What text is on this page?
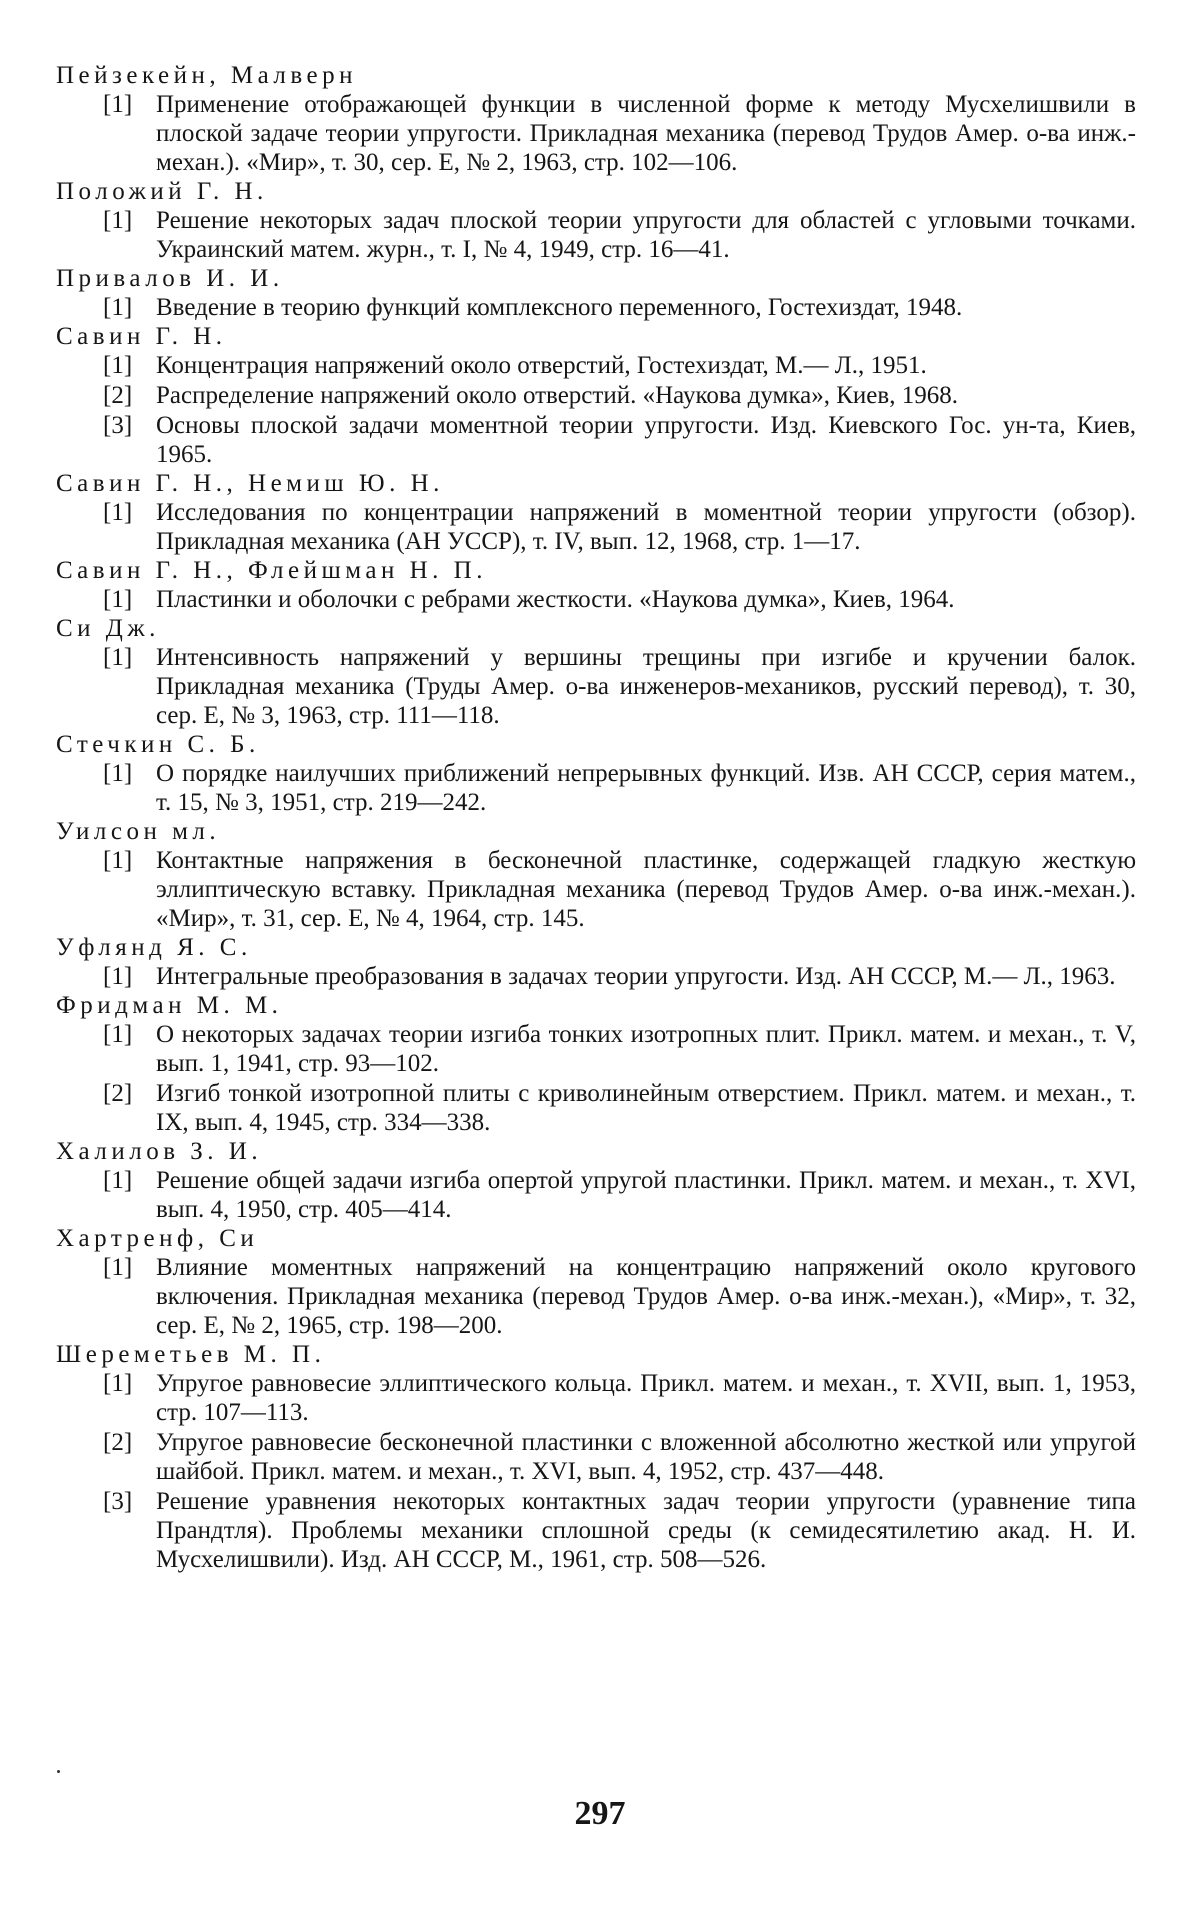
Пейзекейн, Малверн
[1] Применение отображающей функции в численной форме к методу Мусхелишвили в плоской задаче теории упругости. Прикладная механика (перевод Трудов Амер. о-ва инж.-механ.). «Мир», т. 30, сер. Е, № 2, 1963, стр. 102—106.
Положий Г. Н.
[1] Решение некоторых задач плоской теории упругости для областей с угловыми точками. Украинский матем. журн., т. I, № 4, 1949, стр. 16—41.
Привалов И. И.
[1] Введение в теорию функций комплексного переменного, Гостехиздат, 1948.
Савин Г. Н.
[1] Концентрация напряжений около отверстий, Гостехиздат, М.— Л., 1951.
[2] Распределение напряжений около отверстий. «Наукова думка», Киев, 1968.
[3] Основы плоской задачи моментной теории упругости. Изд. Киевского Гос. ун-та, Киев, 1965.
Савин Г. Н., Немиш Ю. Н.
[1] Исследования по концентрации напряжений в моментной теории упругости (обзор). Прикладная механика (АН УССР), т. IV, вып. 12, 1968, стр. 1—17.
Савин Г. Н., Флейшман Н. П.
[1] Пластинки и оболочки с ребрами жесткости. «Наукова думка», Киев, 1964.
Си Дж.
[1] Интенсивность напряжений у вершины трещины при изгибе и кручении балок. Прикладная механика (Труды Амер. о-ва инженеров-механиков, русский перевод), т. 30, сер. Е, № 3, 1963, стр. 111—118.
Стечкин С. Б.
[1] О порядке наилучших приближений непрерывных функций. Изв. АН СССР, серия матем., т. 15, № 3, 1951, стр. 219—242.
Уилсон мл.
[1] Контактные напряжения в бесконечной пластинке, содержащей гладкую жесткую эллиптическую вставку. Прикладная механика (перевод Трудов Амер. о-ва инж.-механ.). «Мир», т. 31, сер. Е, № 4, 1964, стр. 145.
Уфлянд Я. С.
[1] Интегральные преобразования в задачах теории упругости. Изд. АН СССР, М.— Л., 1963.
Фридман М. М.
[1] О некоторых задачах теории изгиба тонких изотропных плит. Прикл. матем. и механ., т. V, вып. 1, 1941, стр. 93—102.
[2] Изгиб тонкой изотропной плиты с криволинейным отверстием. Прикл. матем. и механ., т. IX, вып. 4, 1945, стр. 334—338.
Халилов З. И.
[1] Решение общей задачи изгиба опертой упругой пластинки. Прикл. матем. и механ., т. XVI, вып. 4, 1950, стр. 405—414.
Хартренф, Си
[1] Влияние моментных напряжений на концентрацию напряжений около кругового включения. Прикладная механика (перевод Трудов Амер. о-ва инж.-механ.), «Мир», т. 32, сер. Е, № 2, 1965, стр. 198—200.
Шереметьев М. П.
[1] Упругое равновесие эллиптического кольца. Прикл. матем. и механ., т. XVII, вып. 1, 1953, стр. 107—113.
[2] Упругое равновесие бесконечной пластинки с вложенной абсолютно жесткой или упругой шайбой. Прикл. матем. и механ., т. XVI, вып. 4, 1952, стр. 437—448.
[3] Решение уравнения некоторых контактных задач теории упругости (уравнение типа Прандтля). Проблемы механики сплошной среды (к семидесятилетию акад. Н. И. Мусхелишвили). Изд. АН СССР, М., 1961, стр. 508—526.
297
